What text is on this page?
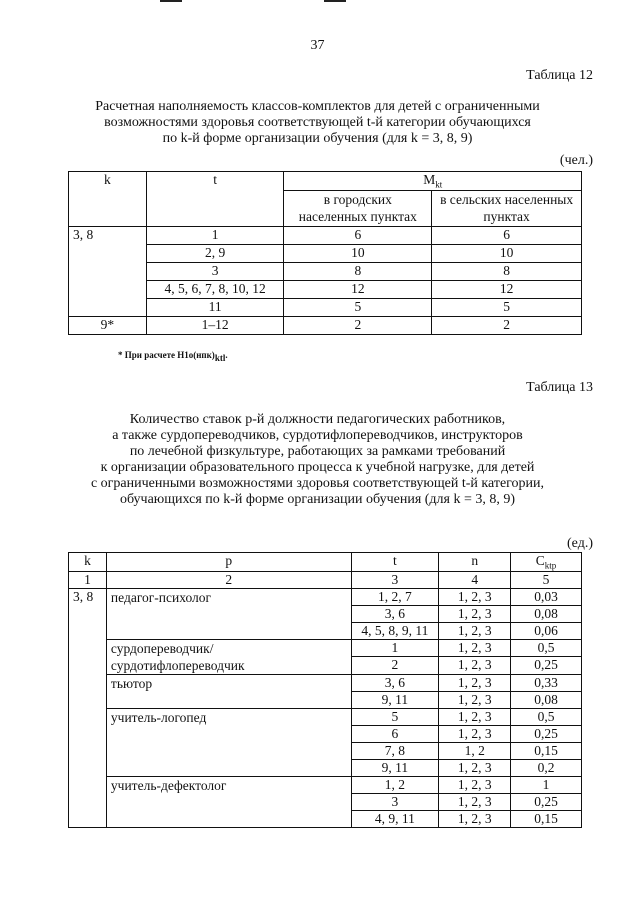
37
Таблица 12
Расчетная наполняемость классов-комплектов для детей с ограниченными
возможностями здоровья соответствующей t-й категории обучающихся
по k-й форме организации обучения (для k = 3, 8, 9)
(чел.)
k	t	$M_{kt}$
		в городских населенных пунктах	в сельских населенных пунктах
3, 8	1	6	6
	2, 9	10	10
	3	8	8
	4, 5, 6, 7, 8, 10, 12	12	12
	11	5	5
9*	1–12	2	2
* При расчете $Н1о(нпк)_{ktl}$.
Таблица 13
Количество ставок р-й должности педагогических работников,
а также сурдопереводчиков, сурдотифлопереводчиков, инструкторов
по лечебной физкультуре, работающих за рамками требований
к организации образовательного процесса к учебной нагрузке, для детей
с ограниченными возможностями здоровья соответствующей t-й категории,
обучающихся по k-й форме организации обучения (для k = 3, 8, 9)
(ед.)
k	p	t	n	$C_{ktp}$
1	2	3	4	5
3, 8	педагог-психолог	1, 2, 7	1, 2, 3	0,03
		3, 6	1, 2, 3	0,08
		4, 5, 8, 9, 11	1, 2, 3	0,06
	сурдопереводчик/ сурдотифлопереводчик	1	1, 2, 3	0,5
		2	1, 2, 3	0,25
	тьютор	3, 6	1, 2, 3	0,33
		9, 11	1, 2, 3	0,08
	учитель-логопед	5	1, 2, 3	0,5
		6	1, 2, 3	0,25
		7, 8	1, 2	0,15
		9, 11	1, 2, 3	0,2
	учитель-дефектолог	1, 2	1, 2, 3	1
		3	1, 2, 3	0,25
		4, 9, 11	1, 2, 3	0,15
